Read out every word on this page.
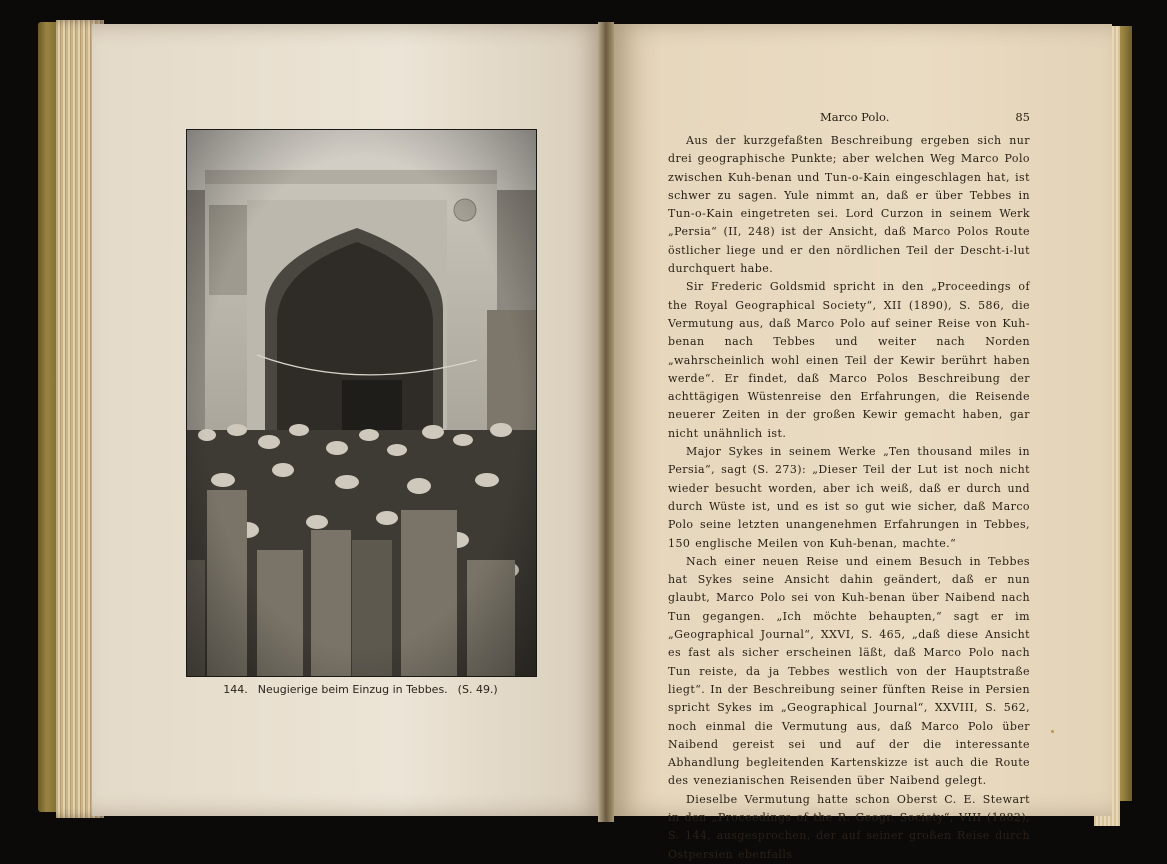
144. Neugierige beim Einzug in Tebbes. (S. 49.)
Marco Polo.	85

Aus der kurzgefaßten Beschreibung ergeben sich nur drei geographische Punkte; aber welchen Weg Marco Polo zwischen Kuh-benan und Tun-o-Kain eingeschlagen hat, ist schwer zu sagen. Yule nimmt an, daß er über Tebbes in Tun-o-Kain eingetreten sei. Lord Curzon in seinem Werk „Persia“ (II, 248) ist der Ansicht, daß Marco Polos Route östlicher liege und er den nördlichen Teil der Descht-i-lut durchquert habe.

Sir Frederic Goldsmid spricht in den „Proceedings of the Royal Geographical Society“, XII (1890), S. 586, die Vermutung aus, daß Marco Polo auf seiner Reise von Kuh-benan nach Tebbes und weiter nach Norden „wahrscheinlich wohl einen Teil der Kewir berührt haben werde“. Er findet, daß Marco Polos Beschreibung der achttägigen Wüstenreise den Erfahrungen, die Reisende neuerer Zeiten in der großen Kewir gemacht haben, gar nicht unähnlich ist.

Major Sykes in seinem Werke „Ten thousand miles in Persia“, sagt (S. 273): „Dieser Teil der Lut ist noch nicht wieder besucht worden, aber ich weiß, daß er durch und durch Wüste ist, und es ist so gut wie sicher, daß Marco Polo seine letzten unangenehmen Erfahrungen in Tebbes, 150 englische Meilen von Kuh-benan, machte.“

Nach einer neuen Reise und einem Besuch in Tebbes hat Sykes seine Ansicht dahin geändert, daß er nun glaubt, Marco Polo sei von Kuh-benan über Naibend nach Tun gegangen. „Ich möchte behaupten,“ sagt er im „Geographical Journal“, XXVI, S. 465, „daß diese Ansicht es fast als sicher erscheinen läßt, daß Marco Polo nach Tun reiste, da ja Tebbes westlich von der Hauptstraße liegt“. In der Beschreibung seiner fünften Reise in Persien spricht Sykes im „Geographical Journal“, XXVIII, S. 562, noch einmal die Vermutung aus, daß Marco Polo über Naibend gereist sei und auf der die interessante Abhandlung begleitenden Kartenskizze ist auch die Route des venezianischen Reisenden über Naibend gelegt.

Dieselbe Vermutung hatte schon Oberst C. E. Stewart in den „Proceedings of the R. Geogr. Society“, VIII (1882), S. 144, ausgesprochen, der auf seiner großen Reise durch Ostpersien ebenfalls
